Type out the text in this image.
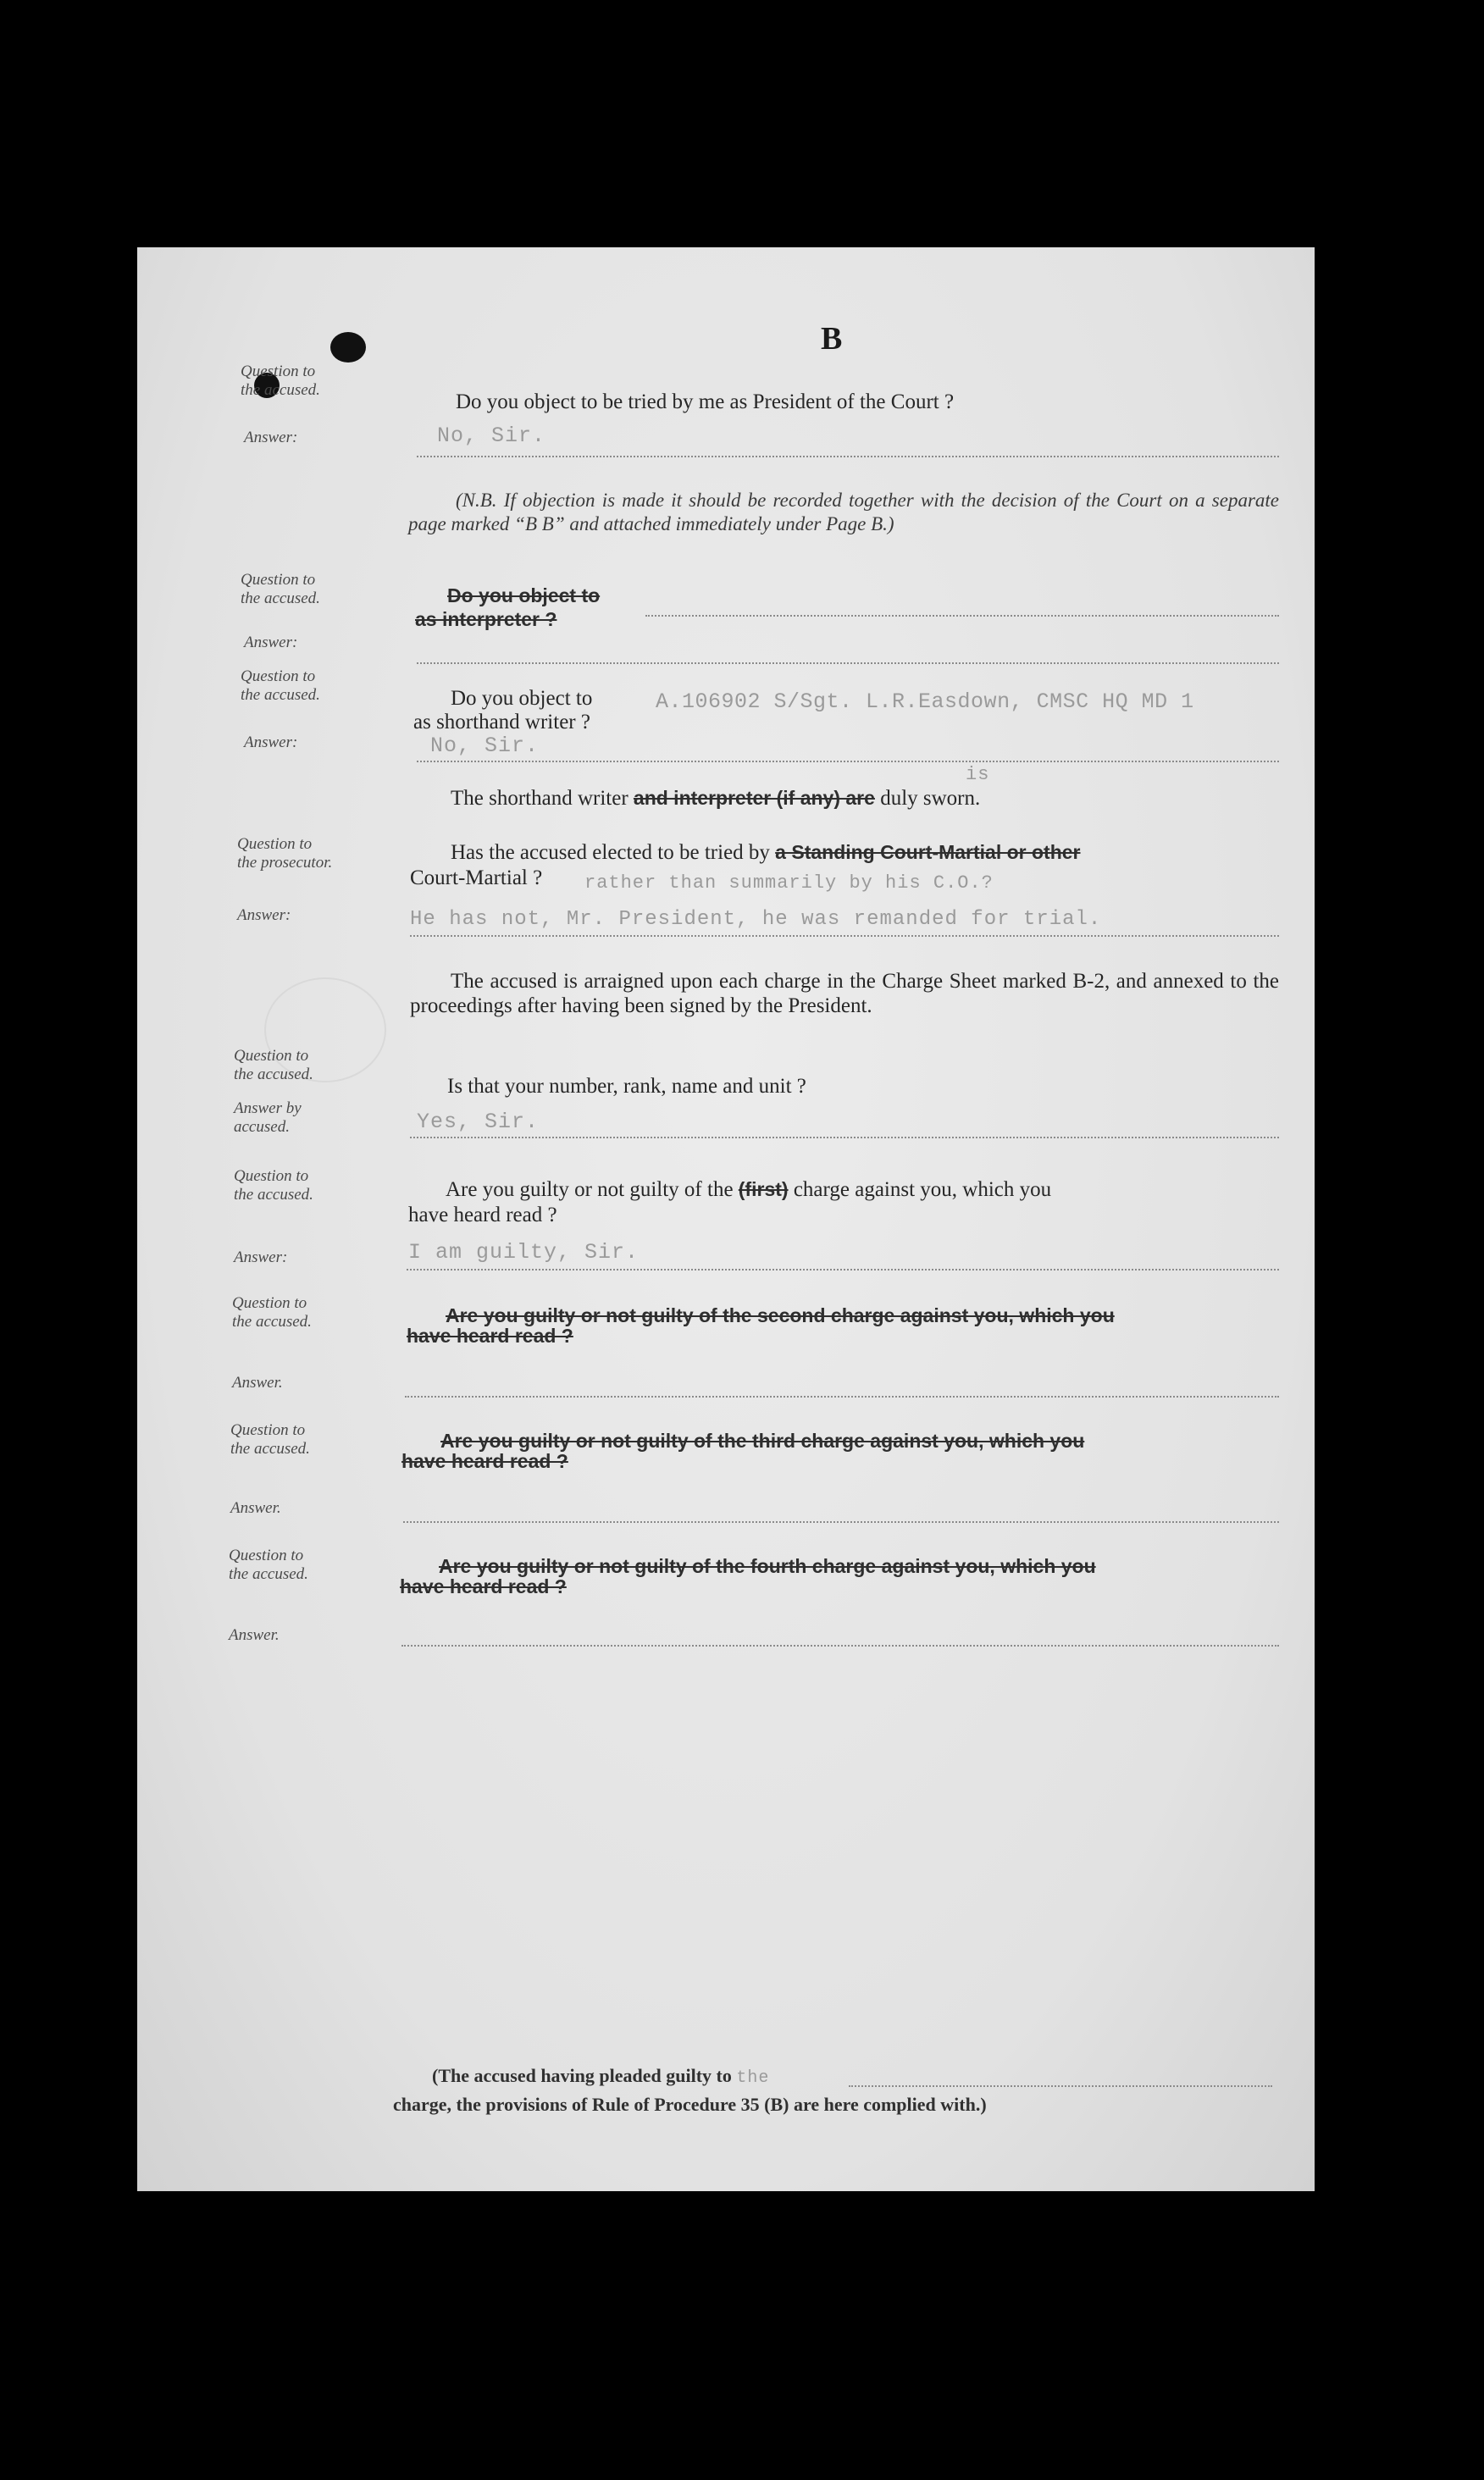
B
Question to
the accused.
Do you object to be tried by me as President of the Court ?
Answer:	No, Sir.
(N.B. If objection is made it should be recorded together with the decision of the Court on a separate page marked “B B” and attached immediately under Page B.)
Question to
the accused.	Do you object to
as interpreter ?
Answer:
Question to
the accused.	Do you object to	A.106902 S/Sgt. L.R.Easdown, CMSC HQ MD 1
as shorthand writer ?
Answer:	No, Sir.
is
The shorthand writer and interpreter (if any) are duly sworn.
Question to
the prosecutor.	Has the accused elected to be tried by a Standing Court-Martial or other
Court-Martial ? rather than summarily by his C.O.?
Answer:	He has not, Mr. President, he was remanded for trial.
The accused is arraigned upon each charge in the Charge Sheet marked B-2, and annexed to the proceedings after having been signed by the President.
Question to
the accused.
Is that your number, rank, name and unit ?
Answer by
accused.	Yes, Sir.
Question to
the accused.	Are you guilty or not guilty of the (first) charge against you, which you
have heard read ?
Answer:	I am guilty, Sir.
Question to
the accused.	Are you guilty or not guilty of the second charge against you, which you
have heard read ?
Answer.
Question to
the accused.	Are you guilty or not guilty of the third charge against you, which you
have heard read ?
Answer.
Question to
the accused.	Are you guilty or not guilty of the fourth charge against you, which you
have heard read ?
Answer.
(The accused having pleaded guilty to the
charge, the provisions of Rule of Procedure 35 (B) are here complied with.)
